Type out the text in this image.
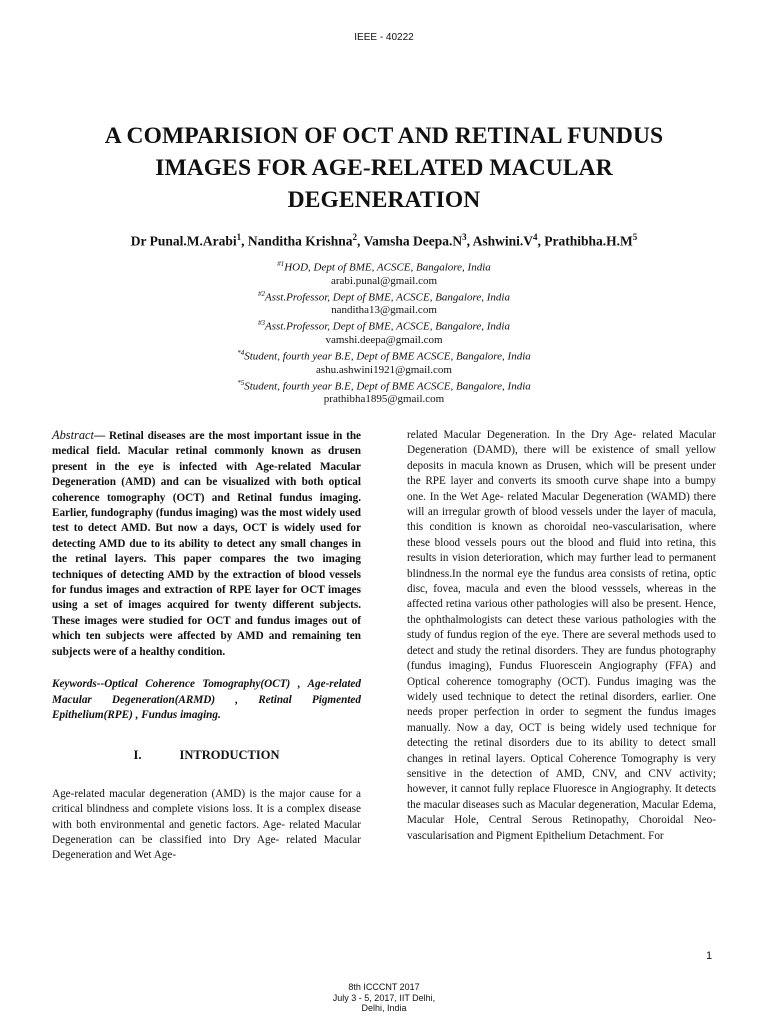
IEEE - 40222
A COMPARISION OF OCT AND RETINAL FUNDUS IMAGES FOR AGE-RELATED MACULAR DEGENERATION
Dr Punal.M.Arabi$^1$, Nanditha Krishna$^2$, Vamsha $Deepa.N^3$, $Ashwini.V^4$, $Prathibha.H.M^5$
$^{\#1}$HOD, Dept of BME, ACSCE, Bangalore, India
arabi.punal@gmail.com
$^{\#2}$Asst.Professor, Dept of BME, ACSCE, Bangalore, India
nanditha13@gmail.com
$^{\#3}$Asst.Professor, Dept of BME, ACSCE, Bangalore, India
vamshi.deepa@gmail.com
$^{*4}$Student, fourth year B.E, Dept of BME ACSCE, Bangalore, India
ashu.ashwini1921@gmail.com
$^{*5}$Student, fourth year B.E, Dept of BME ACSCE, Bangalore, India
prathibha1895@gmail.com

Abstract— Retinal diseases are the most important issue in the medical field. Macular retinal commonly known as drusen present in the eye is infected with Age-related Macular Degeneration (AMD) and can be visualized with both optical coherence tomography (OCT) and Retinal fundus imaging. Earlier, fundography (fundus imaging) was the most widely used test to detect AMD. But now a days, OCT is widely used for detecting AMD due to its ability to detect any small changes in the retinal layers. This paper compares the two imaging techniques of detecting AMD by the extraction of blood vessels for fundus images and extraction of RPE layer for OCT images using a set of images acquired for twenty different subjects. These images were studied for OCT and fundus images out of which ten subjects were affected by AMD and remaining ten subjects were of a healthy condition.

Keywords--Optical Coherence Tomography(OCT) , Age-related Macular Degeneration(ARMD) , Retinal Pigmented Epithelium(RPE) , Fundus imaging.

I.	INTRODUCTION

Age-related macular degeneration (AMD) is the major cause for a critical blindness and complete visions loss. It is a complex disease with both environmental and genetic factors. Age- related Macular Degeneration can be classified into Dry Age- related Macular Degeneration and Wet Age-

related Macular Degeneration. In the Dry Age- related Macular Degeneration (DAMD), there will be existence of small yellow deposits in macula known as Drusen, which will be present under the RPE layer and converts its smooth curve shape into a bumpy one. In the Wet Age- related Macular Degeneration (WAMD) there will an irregular growth of blood vessels under the layer of macula, this condition is known as choroidal neo-vascularisation, where these blood vessels pours out the blood and fluid into retina, this results in vision deterioration, which may further lead to permanent blindness.In the normal eye the fundus area consists of retina, optic disc, fovea, macula and even the blood vesssels, whereas in the affected retina various other pathologies will also be present. Hence, the ophthalmologists can detect these various pathologies with the study of fundus region of the eye. There are several methods used to detect and study the retinal disorders. They are fundus photography (fundus imaging), Fundus Fluorescein Angiography (FFA) and Optical coherence tomography (OCT). Fundus imaging was the widely used technique to detect the retinal disorders, earlier. One needs proper perfection in order to segment the fundus images manually. Now a day, OCT is being widely used technique for detecting the retinal disorders due to its ability to detect small changes in retinal layers. Optical Coherence Tomography is very sensitive in the detection of AMD, CNV, and CNV activity; however, it cannot fully replace Fluoresce in Angiography. It detects the macular diseases such as Macular degeneration, Macular Edema, Macular Hole, Central Serous Retinopathy, Choroidal Neo-vascularisation and Pigment Epithelium Detachment. For

1
8th ICCCNT 2017
July 3 - 5, 2017, IIT Delhi,
Delhi, India
